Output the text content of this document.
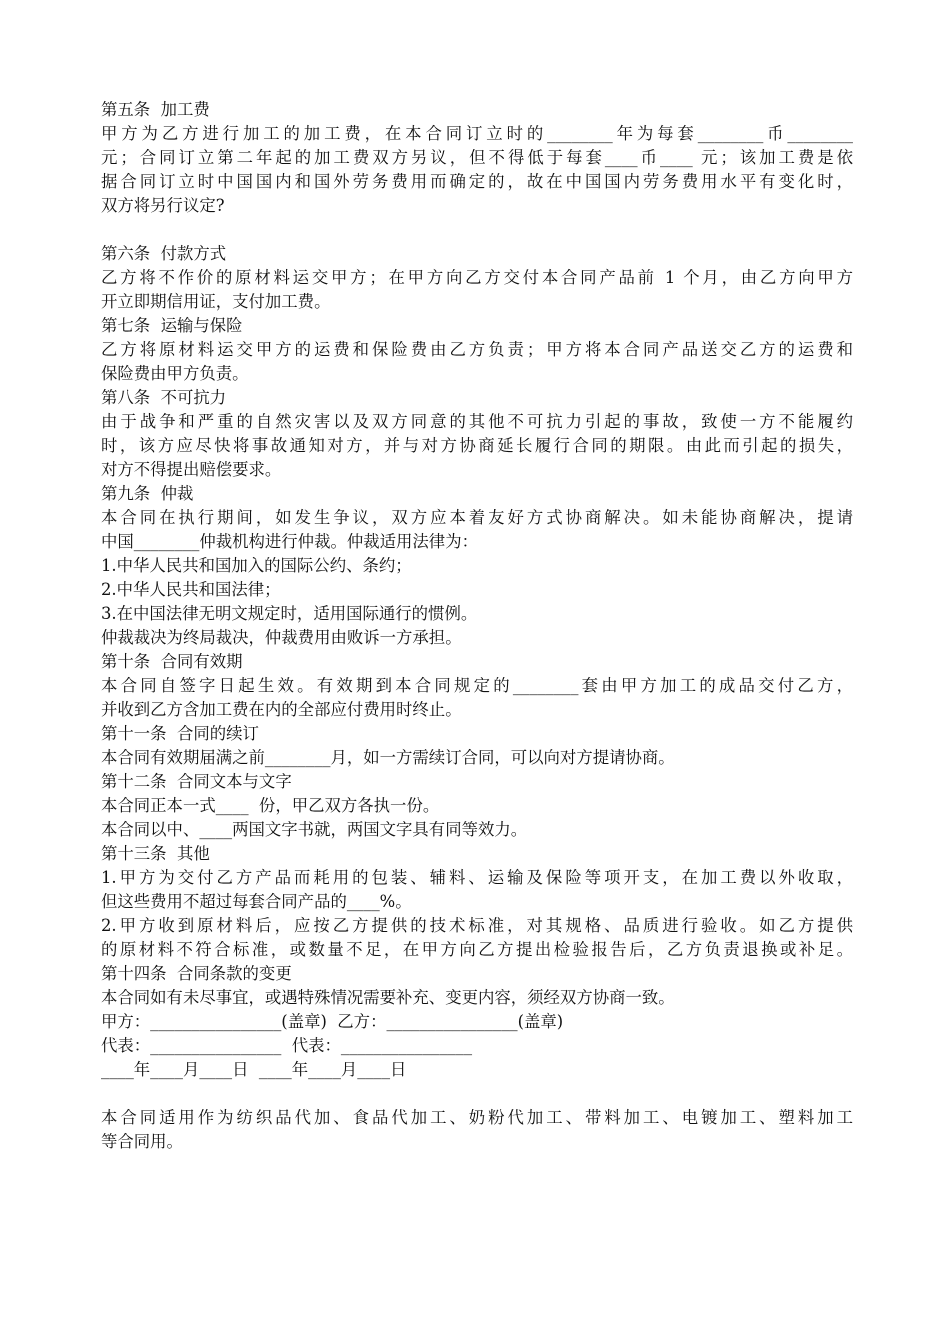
第五条  加工费
甲方为乙方进行加工的加工费，在本合同订立时的________年为每套________币________
元；合同订立第二年起的加工费双方另议，但不得低于每套____币____ 元；该加工费是依
据合同订立时中国国内和国外劳务费用而确定的，故在中国国内劳务费用水平有变化时，
双方将另行议定?
第六条  付款方式
乙方将不作价的原材料运交甲方；在甲方向乙方交付本合同产品前 1 个月，由乙方向甲方
开立即期信用证，支付加工费。
第七条  运输与保险
乙方将原材料运交甲方的运费和保险费由乙方负责；甲方将本合同产品送交乙方的运费和
保险费由甲方负责。
第八条  不可抗力
由于战争和严重的自然灾害以及双方同意的其他不可抗力引起的事故，致使一方不能履约
时，该方应尽快将事故通知对方，并与对方协商延长履行合同的期限。由此而引起的损失，
对方不得提出赔偿要求。
第九条  仲裁
本合同在执行期间，如发生争议，双方应本着友好方式协商解决。如未能协商解决，提请
中国________仲裁机构进行仲裁。仲裁适用法律为：
1.中华人民共和国加入的国际公约、条约；
2.中华人民共和国法律；
3.在中国法律无明文规定时，适用国际通行的惯例。
仲裁裁决为终局裁决，仲裁费用由败诉一方承担。
第十条  合同有效期
本合同自签字日起生效。有效期到本合同规定的________套由甲方加工的成品交付乙方，
并收到乙方含加工费在内的全部应付费用时终止。
第十一条  合同的续订
本合同有效期届满之前________月，如一方需续订合同，可以向对方提请协商。
第十二条  合同文本与文字
本合同正本一式____  份，甲乙双方各执一份。
本合同以中、____两国文字书就，两国文字具有同等效力。
第十三条  其他
1.甲方为交付乙方产品而耗用的包装、辅料、运输及保险等项开支，在加工费以外收取，
但这些费用不超过每套合同产品的____%。
2.甲方收到原材料后，应按乙方提供的技术标准，对其规格、品质进行验收。如乙方提供
的原材料不符合标准，或数量不足，在甲方向乙方提出检验报告后，乙方负责退换或补足。
第十四条  合同条款的变更
本合同如有未尽事宜，或遇特殊情况需要补充、变更内容，须经双方协商一致。
甲方：________________(盖章)  乙方：________________(盖章)
代表：________________  代表：________________
____年____月____日  ____年____月____日
本合同适用作为纺织品代加、食品代加工、奶粉代加工、带料加工、电镀加工、塑料加工
等合同用。
